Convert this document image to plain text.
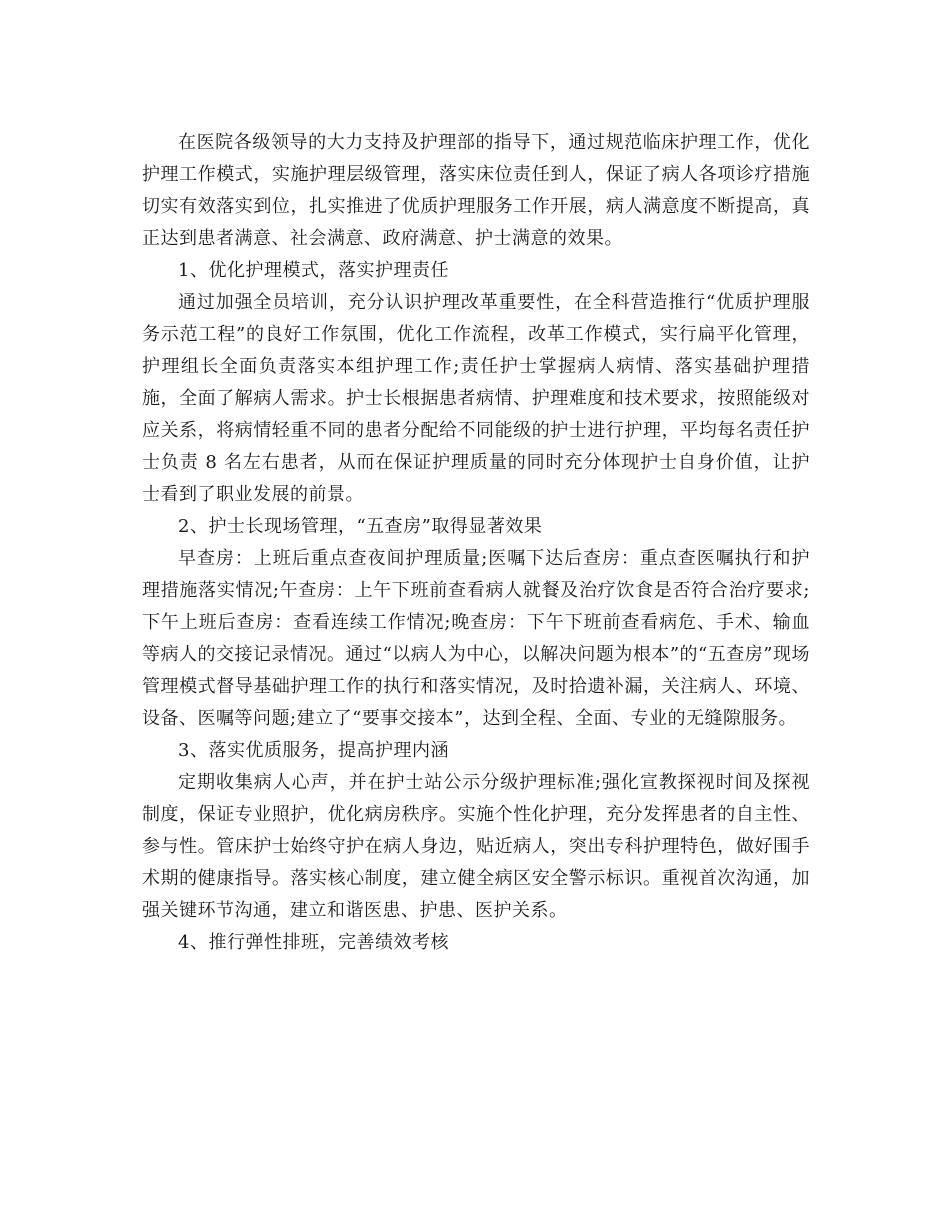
在医院各级领导的大力支持及护理部的指导下，通过规范临床护理工作，优化护理工作模式，实施护理层级管理，落实床位责任到人，保证了病人各项诊疗措施切实有效落实到位，扎实推进了优质护理服务工作开展，病人满意度不断提高，真正达到患者满意、社会满意、政府满意、护士满意的效果。

1、优化护理模式，落实护理责任

通过加强全员培训，充分认识护理改革重要性，在全科营造推行“优质护理服务示范工程”的良好工作氛围，优化工作流程，改革工作模式，实行扁平化管理，护理组长全面负责落实本组护理工作;责任护士掌握病人病情、落实基础护理措施，全面了解病人需求。护士长根据患者病情、护理难度和技术要求，按照能级对应关系，将病情轻重不同的患者分配给不同能级的护士进行护理，平均每名责任护士负责 8 名左右患者，从而在保证护理质量的同时充分体现护士自身价值，让护士看到了职业发展的前景。

2、护士长现场管理，“五查房”取得显著效果

早查房：上班后重点查夜间护理质量;医嘱下达后查房：重点查医嘱执行和护理措施落实情况;午查房：上午下班前查看病人就餐及治疗饮食是否符合治疗要求;下午上班后查房：查看连续工作情况;晚查房：下午下班前查看病危、手术、输血等病人的交接记录情况。通过“以病人为中心，以解决问题为根本”的“五查房”现场管理模式督导基础护理工作的执行和落实情况，及时拾遗补漏，关注病人、环境、设备、医嘱等问题;建立了“要事交接本”，达到全程、全面、专业的无缝隙服务。

3、落实优质服务，提高护理内涵

定期收集病人心声，并在护士站公示分级护理标准;强化宣教探视时间及探视制度，保证专业照护，优化病房秩序。实施个性化护理，充分发挥患者的自主性、参与性。管床护士始终守护在病人身边，贴近病人，突出专科护理特色，做好围手术期的健康指导。落实核心制度，建立健全病区安全警示标识。重视首次沟通，加强关键环节沟通，建立和谐医患、护患、医护关系。

4、推行弹性排班，完善绩效考核
